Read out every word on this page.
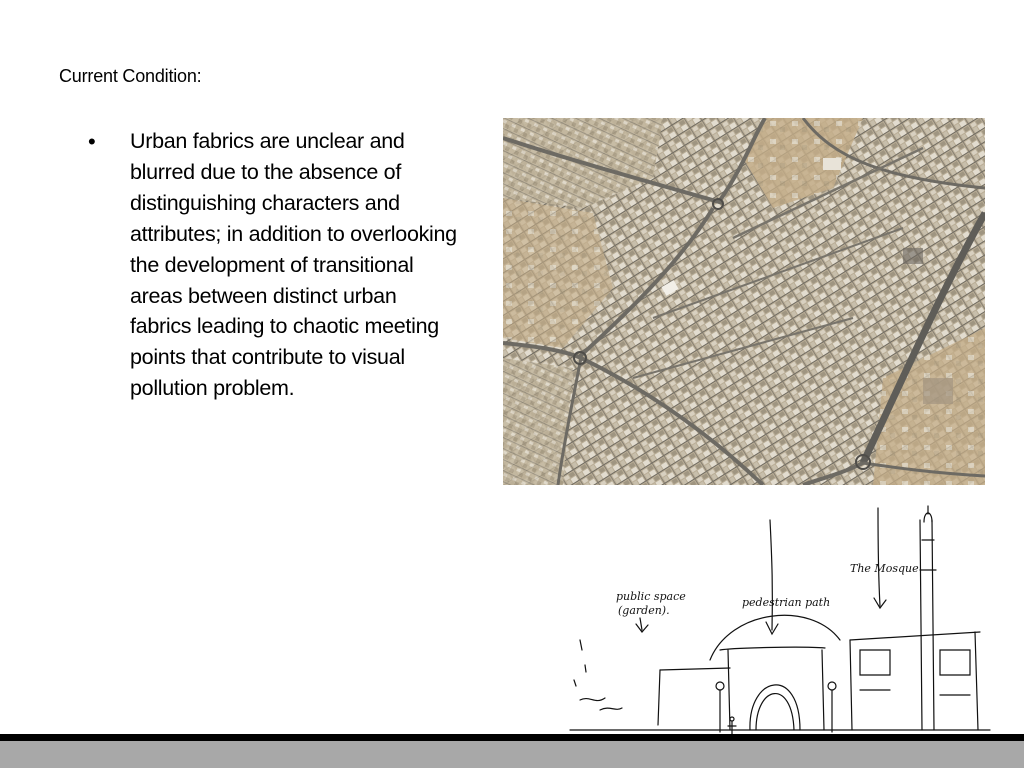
Current Condition:
•	Urban fabrics are unclear and blurred due to the absence of distinguishing characters and attributes; in addition to overlooking the development of transitional areas between distinct urban fabrics leading to chaotic meeting points that contribute to visual pollution problem.
public space
(garden).
pedestrian path
The Mosque
